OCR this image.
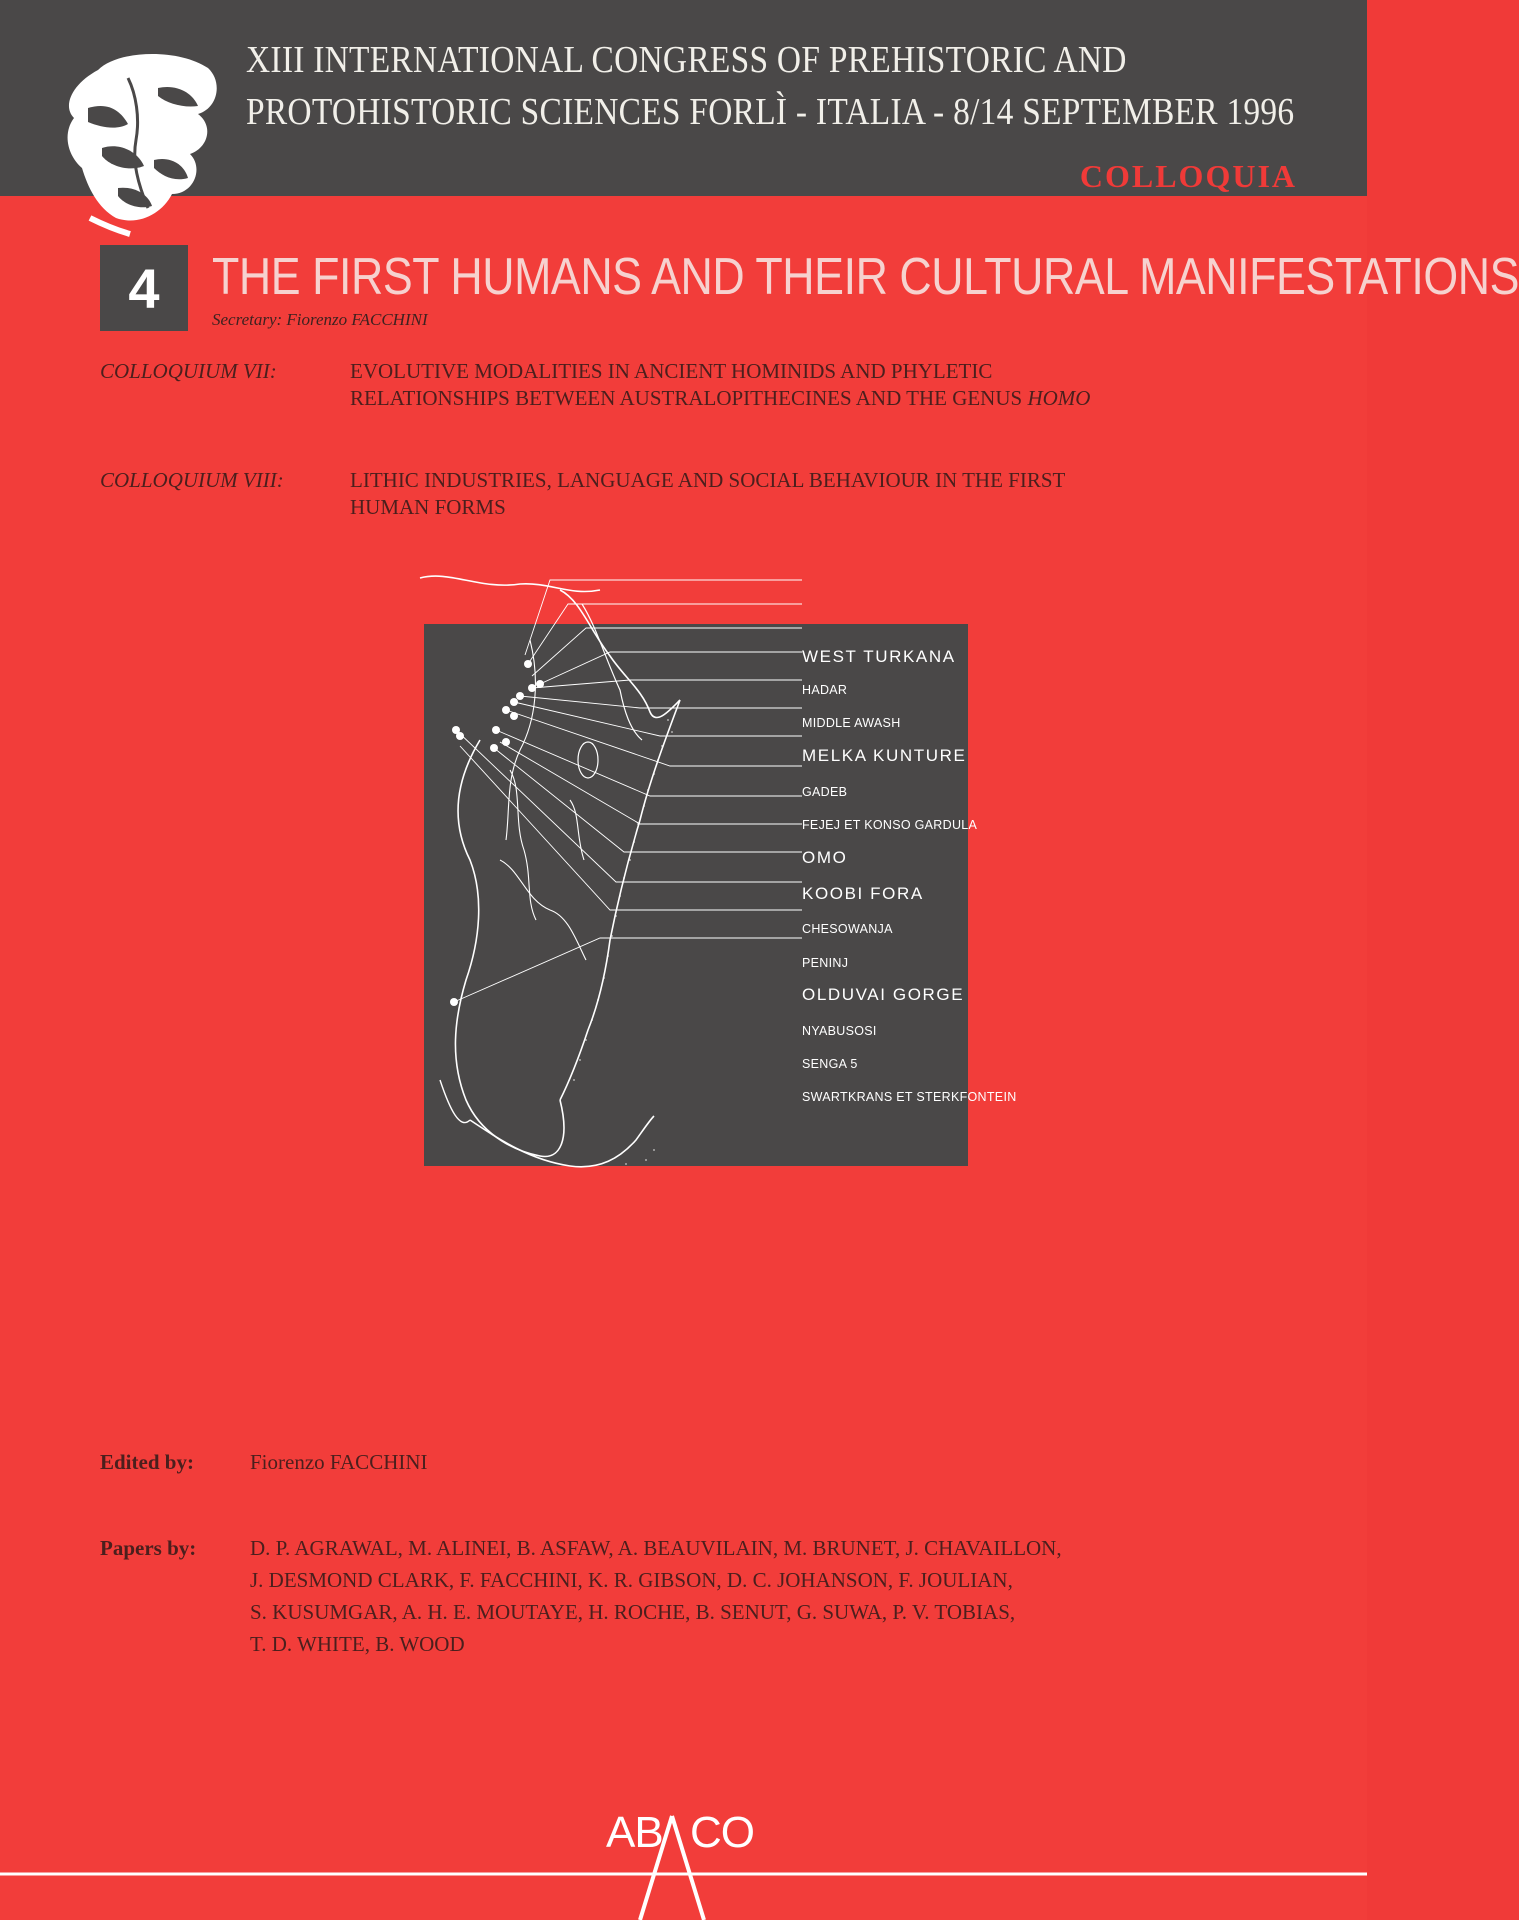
XIII INTERNATIONAL CONGRESS OF PREHISTORIC AND
PROTOHISTORIC SCIENCES FORLÌ - ITALIA - 8/14 SEPTEMBER 1996
COLLOQUIA
4	THE FIRST HUMANS AND THEIR CULTURAL MANIFESTATIONS
Secretary: Fiorenzo FACCHINI
COLLOQUIUM VII:	EVOLUTIVE MODALITIES IN ANCIENT HOMINIDS AND PHYLETIC
RELATIONSHIPS BETWEEN AUSTRALOPITHECINES AND THE GENUS HOMO
COLLOQUIUM VIII:	LITHIC INDUSTRIES, LANGUAGE AND SOCIAL BEHAVIOUR IN THE FIRST
HUMAN FORMS
WEST TURKANA
HADAR
MIDDLE AWASH
MELKA KUNTURE
GADEB
FEJEJ ET KONSO GARDULA
OMO
KOOBI FORA
CHESOWANJA
PENINJ
OLDUVAI GORGE
NYABUSOSI
SENGA 5
SWARTKRANS ET STERKFONTEIN
Edited by:	Fiorenzo FACCHINI
Papers by:	D. P. AGRAWAL, M. ALINEI, B. ASFAW, A. BEAUVILAIN, M. BRUNET, J. CHAVAILLON,
J. DESMOND CLARK, F. FACCHINI, K. R. GIBSON, D. C. JOHANSON, F. JOULIAN,
S. KUSUMGAR, A. H. E. MOUTAYE, H. ROCHE, B. SENUT, G. SUWA, P. V. TOBIAS,
T. D. WHITE, B. WOOD
AB CO
